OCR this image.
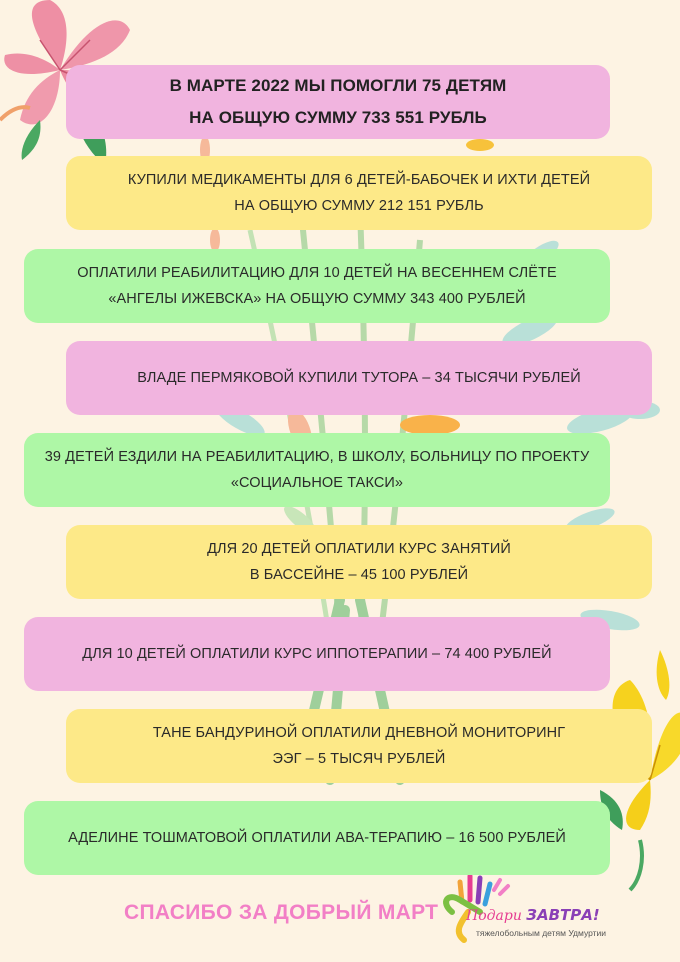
В МАРТЕ 2022 МЫ ПОМОГЛИ 75 ДЕТЯМ
НА ОБЩУЮ СУММУ 733 551 РУБЛЬ
КУПИЛИ МЕДИКАМЕНТЫ ДЛЯ 6 ДЕТЕЙ-БАБОЧЕК И ИХТИ ДЕТЕЙ
НА ОБЩУЮ СУММУ 212 151 РУБЛЬ
ОПЛАТИЛИ РЕАБИЛИТАЦИЮ ДЛЯ 10 ДЕТЕЙ НА ВЕСЕННЕМ СЛЁТЕ
«АНГЕЛЫ ИЖЕВСКА» НА ОБЩУЮ СУММУ 343 400 РУБЛЕЙ
ВЛАДЕ ПЕРМЯКОВОЙ КУПИЛИ ТУТОРА – 34 ТЫСЯЧИ РУБЛЕЙ
39 ДЕТЕЙ ЕЗДИЛИ НА РЕАБИЛИТАЦИЮ, В ШКОЛУ, БОЛЬНИЦУ ПО ПРОЕКТУ
«СОЦИАЛЬНОЕ ТАКСИ»
ДЛЯ 20 ДЕТЕЙ ОПЛАТИЛИ КУРС ЗАНЯТИЙ
В БАССЕЙНЕ – 45 100 РУБЛЕЙ
ДЛЯ 10 ДЕТЕЙ ОПЛАТИЛИ КУРС ИППОТЕРАПИИ – 74 400 РУБЛЕЙ
ТАНЕ БАНДУРИНОЙ ОПЛАТИЛИ ДНЕВНОЙ МОНИТОРИНГ
ЭЭГ – 5 ТЫСЯЧ РУБЛЕЙ
АДЕЛИНЕ ТОШМАТОВОЙ ОПЛАТИЛИ АВА-ТЕРАПИЮ – 16 500 РУБЛЕЙ
СПАСИБО ЗА ДОБРЫЙ МАРТ Подари ЗАВТРА!
тяжелобольным детям Удмуртии
